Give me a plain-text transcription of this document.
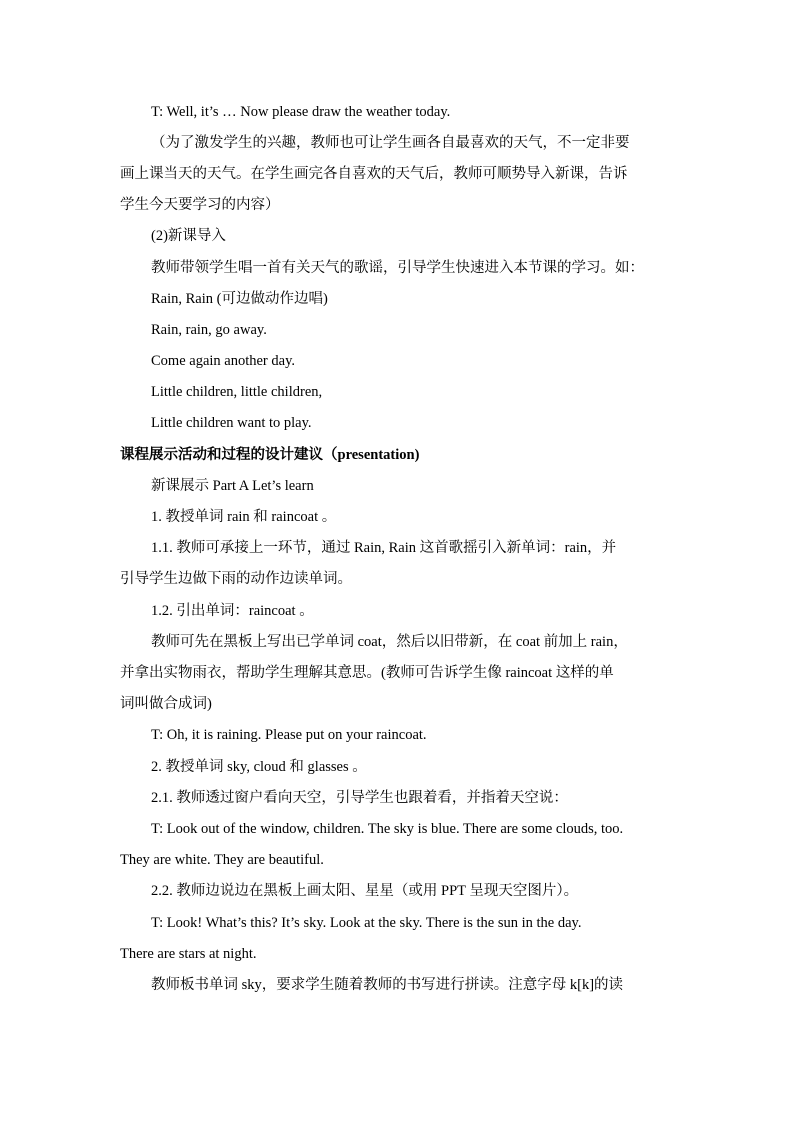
T: Well, it’s … Now please draw the weather today.
（为了激发学生的兴趣，教师也可让学生画各自最喜欢的天气，不一定非要
画上课当天的天气。在学生画完各自喜欢的天气后，教师可顺势导入新课，告诉
学生今天要学习的内容）
(2)新课导入
教师带领学生唱一首有关天气的歌谣，引导学生快速进入本节课的学习。如：
Rain, Rain (可边做动作边唱)
Rain, rain, go away.
Come again another day.
Little children, little children,
Little children want to play.
课程展示活动和过程的设计建议（presentation)
新课展示 Part A Let’s learn
1. 教授单词 rain 和 raincoat 。
1.1. 教师可承接上一环节，通过 Rain, Rain 这首歌摇引入新单词：rain，并
引导学生边做下雨的动作边读单词。
1.2. 引出单词：raincoat 。
教师可先在黑板上写出已学单词 coat，然后以旧带新，在 coat 前加上 rain，
并拿出实物雨衣，帮助学生理解其意思。(教师可告诉学生像 raincoat 这样的单
词叫做合成词)
T: Oh, it is raining. Please put on your raincoat.
2. 教授单词 sky, cloud 和 glasses 。
2.1. 教师透过窗户看向天空，引导学生也跟着看，并指着天空说：
T: Look out of the window, children. The sky is blue. There are some clouds, too.
They are white. They are beautiful.
2.2. 教师边说边在黑板上画太阳、星星（或用 PPT 呈现天空图片）。
T: Look! What’s this? It’s sky. Look at the sky. There is the sun in the day.
There are stars at night.
教师板书单词 sky，要求学生随着教师的书写进行拼读。注意字母 k[k]的读
